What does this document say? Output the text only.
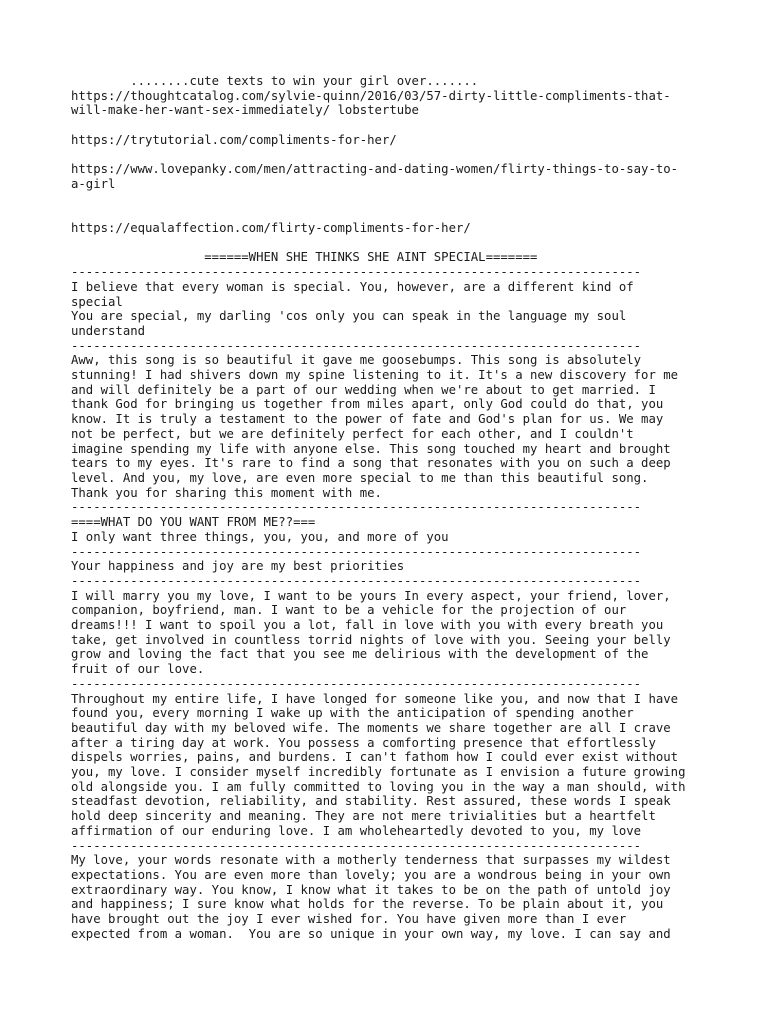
........cute texts to win your girl over.......
https://thoughtcatalog.com/sylvie-quinn/2016/03/57-dirty-little-compliments-that-
will-make-her-want-sex-immediately/ lobstertube

https://trytutorial.com/compliments-for-her/

https://www.lovepanky.com/men/attracting-and-dating-women/flirty-things-to-say-to-
a-girl

https://equalaffection.com/flirty-compliments-for-her/

======WHEN SHE THINKS SHE AINT SPECIAL=======
-----------------------------------------------------------------------------
I believe that every woman is special. You, however, are a different kind of
special
You are special, my darling 'cos only you can speak in the language my soul
understand
-----------------------------------------------------------------------------
Aww, this song is so beautiful it gave me goosebumps. This song is absolutely
stunning! I had shivers down my spine listening to it. It's a new discovery for me
and will definitely be a part of our wedding when we're about to get married. I
thank God for bringing us together from miles apart, only God could do that, you
know. It is truly a testament to the power of fate and God's plan for us. We may
not be perfect, but we are definitely perfect for each other, and I couldn't
imagine spending my life with anyone else. This song touched my heart and brought
tears to my eyes. It's rare to find a song that resonates with you on such a deep
level. And you, my love, are even more special to me than this beautiful song.
Thank you for sharing this moment with me.
-----------------------------------------------------------------------------
====WHAT DO YOU WANT FROM ME??===
I only want three things, you, you, and more of you
-----------------------------------------------------------------------------
Your happiness and joy are my best priorities
-----------------------------------------------------------------------------
I will marry you my love, I want to be yours In every aspect, your friend, lover,
companion, boyfriend, man. I want to be a vehicle for the projection of our
dreams!!! I want to spoil you a lot, fall in love with you with every breath you
take, get involved in countless torrid nights of love with you. Seeing your belly
grow and loving the fact that you see me delirious with the development of the
fruit of our love.
-----------------------------------------------------------------------------
Throughout my entire life, I have longed for someone like you, and now that I have
found you, every morning I wake up with the anticipation of spending another
beautiful day with my beloved wife. The moments we share together are all I crave
after a tiring day at work. You possess a comforting presence that effortlessly
dispels worries, pains, and burdens. I can't fathom how I could ever exist without
you, my love. I consider myself incredibly fortunate as I envision a future growing
old alongside you. I am fully committed to loving you in the way a man should, with
steadfast devotion, reliability, and stability. Rest assured, these words I speak
hold deep sincerity and meaning. They are not mere trivialities but a heartfelt
affirmation of our enduring love. I am wholeheartedly devoted to you, my love
-----------------------------------------------------------------------------
My love, your words resonate with a motherly tenderness that surpasses my wildest
expectations. You are even more than lovely; you are a wondrous being in your own
extraordinary way. You know, I know what it takes to be on the path of untold joy
and happiness; I sure know what holds for the reverse. To be plain about it, you
have brought out the joy I ever wished for. You have given more than I ever
expected from a woman.  You are so unique in your own way, my love. I can say and
